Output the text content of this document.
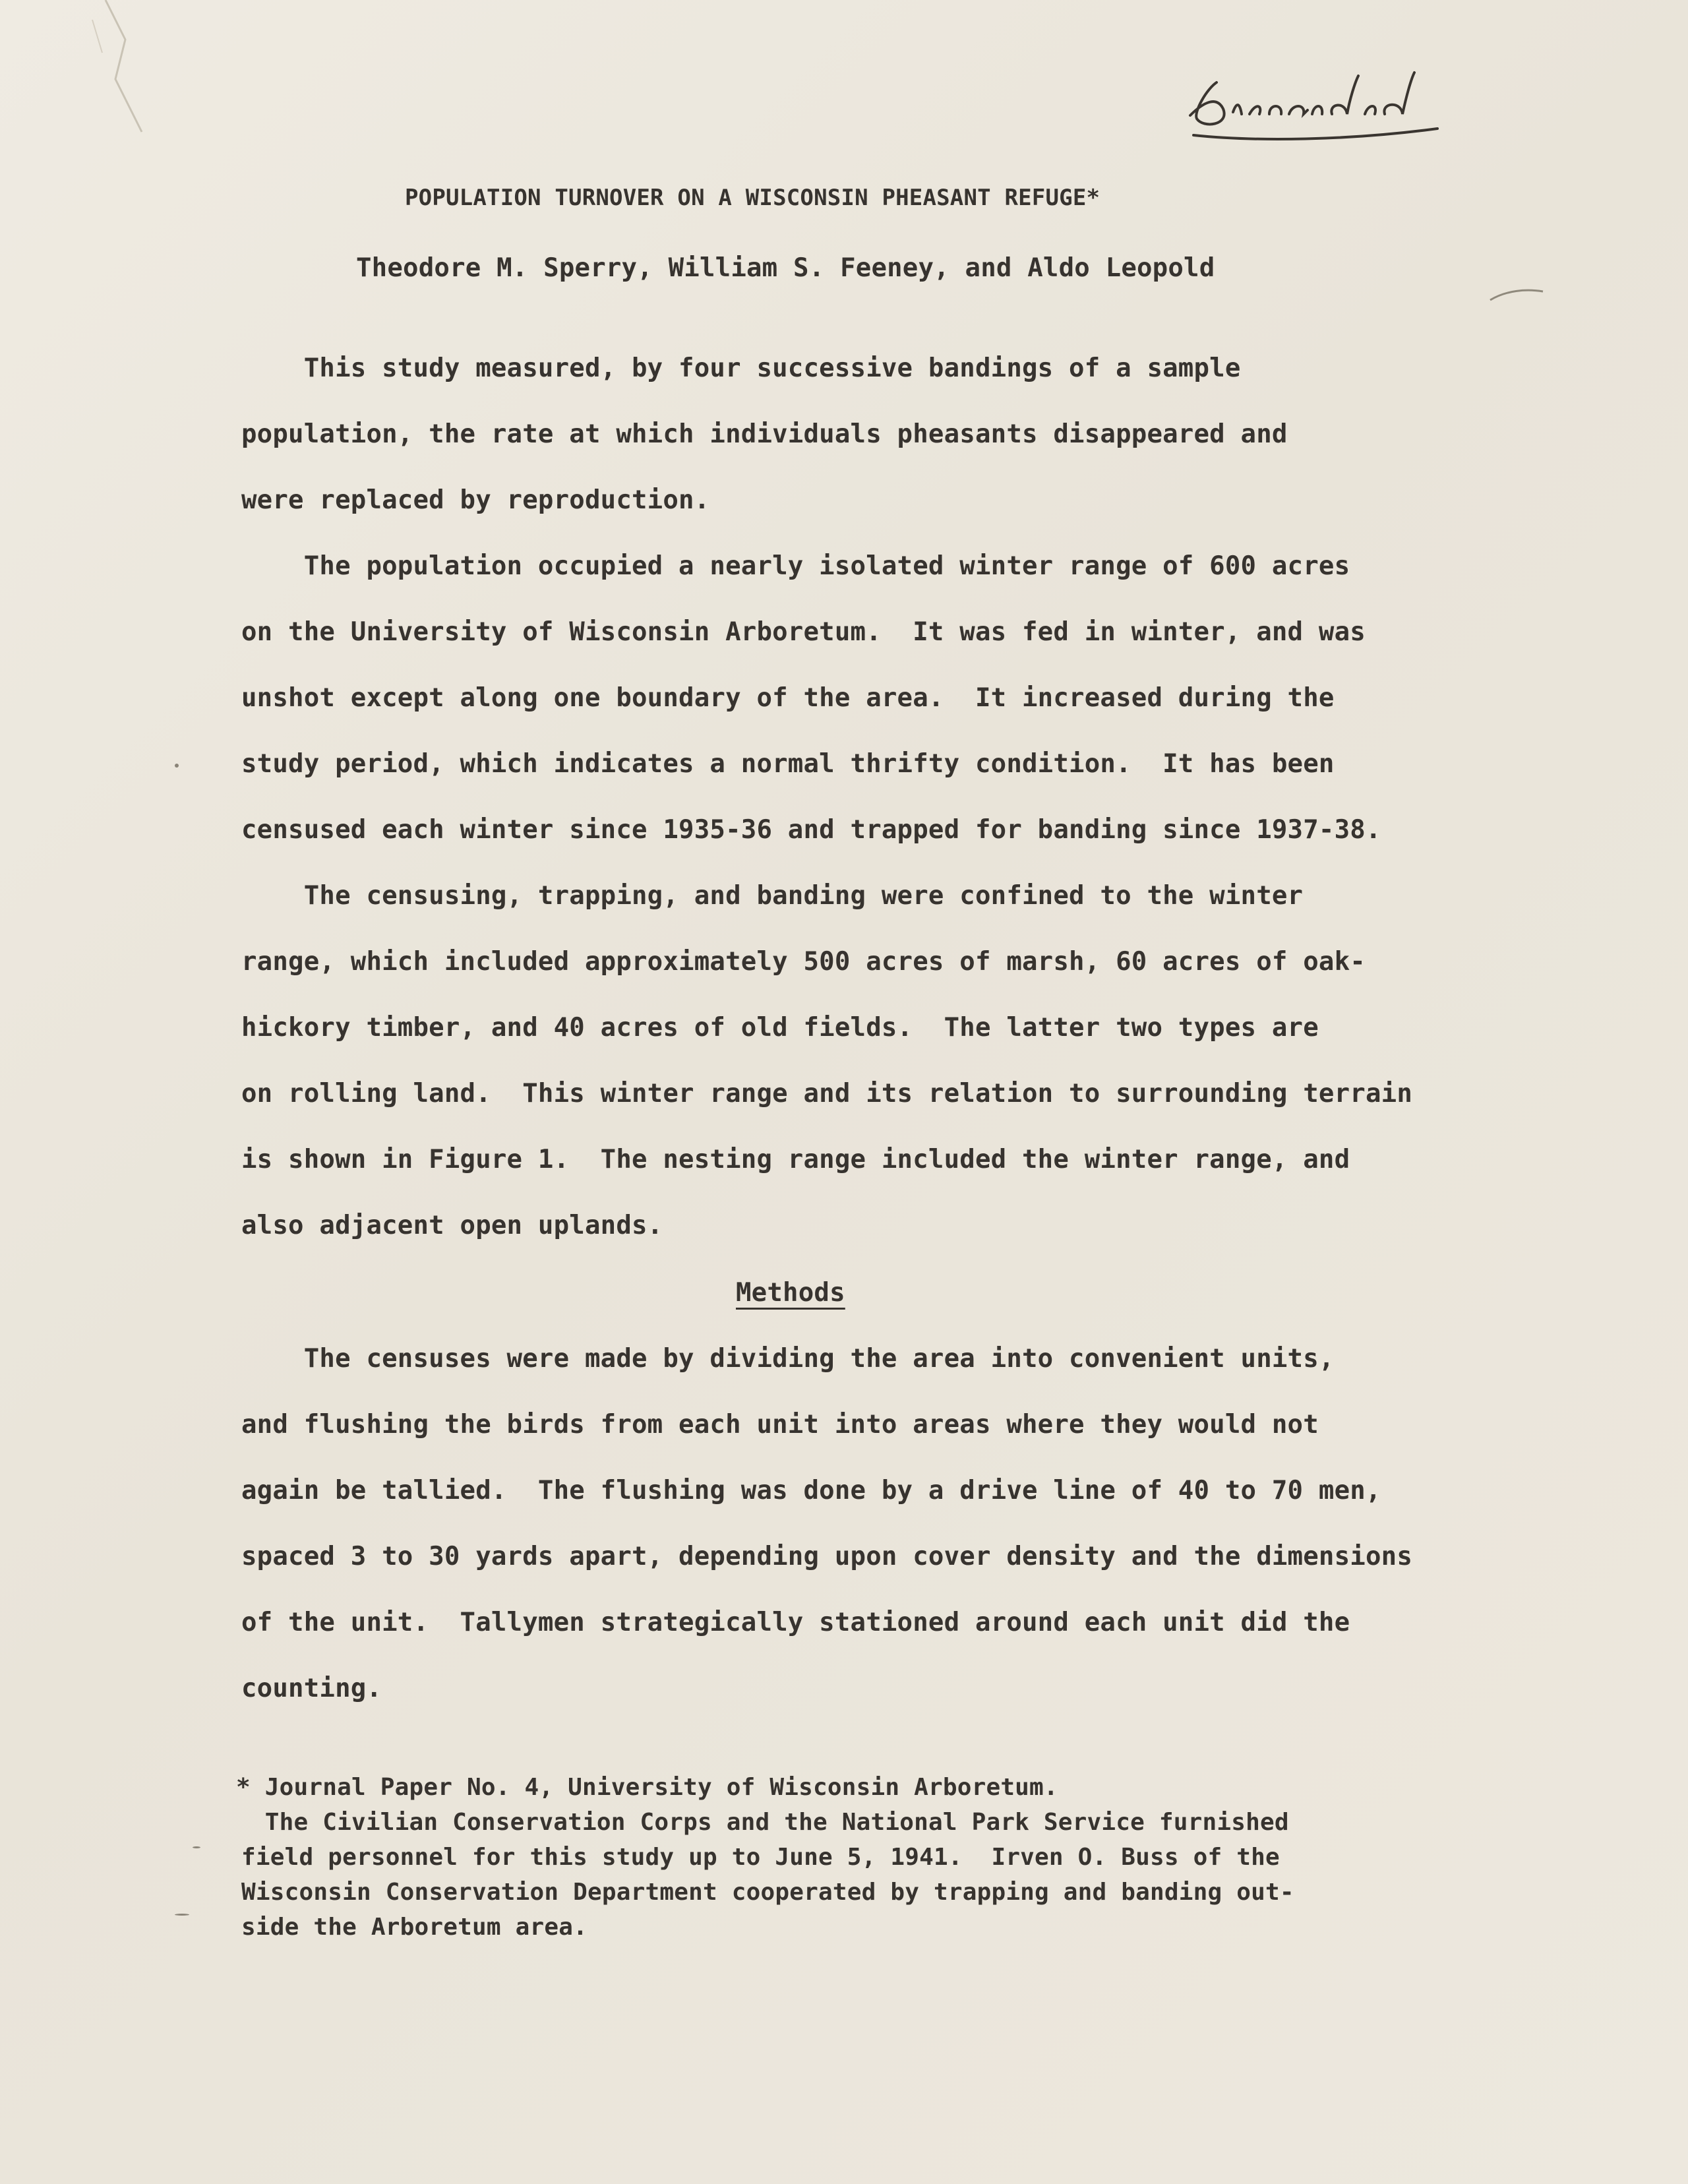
POPULATION TURNOVER ON A WISCONSIN PHEASANT REFUGE*
Theodore M. Sperry, William S. Feeney, and Aldo Leopold
This study measured, by four successive bandings of a sample
population, the rate at which individuals pheasants disappeared and
were replaced by reproduction.
The population occupied a nearly isolated winter range of 600 acres
on the University of Wisconsin Arboretum.  It was fed in winter, and was
unshot except along one boundary of the area.  It increased during the
study period, which indicates a normal thrifty condition.  It has been
censused each winter since 1935-36 and trapped for banding since 1937-38.
The censusing, trapping, and banding were confined to the winter
range, which included approximately 500 acres of marsh, 60 acres of oak-
hickory timber, and 40 acres of old fields.  The latter two types are
on rolling land.  This winter range and its relation to surrounding terrain
is shown in Figure 1.  The nesting range included the winter range, and
also adjacent open uplands.
Methods
The censuses were made by dividing the area into convenient units,
and flushing the birds from each unit into areas where they would not
again be tallied.  The flushing was done by a drive line of 40 to 70 men,
spaced 3 to 30 yards apart, depending upon cover density and the dimensions
of the unit.  Tallymen strategically stationed around each unit did the
counting.
* Journal Paper No. 4, University of Wisconsin Arboretum.
The Civilian Conservation Corps and the National Park Service furnished
field personnel for this study up to June 5, 1941.  Irven O. Buss of the
Wisconsin Conservation Department cooperated by trapping and banding out-
side the Arboretum area.
